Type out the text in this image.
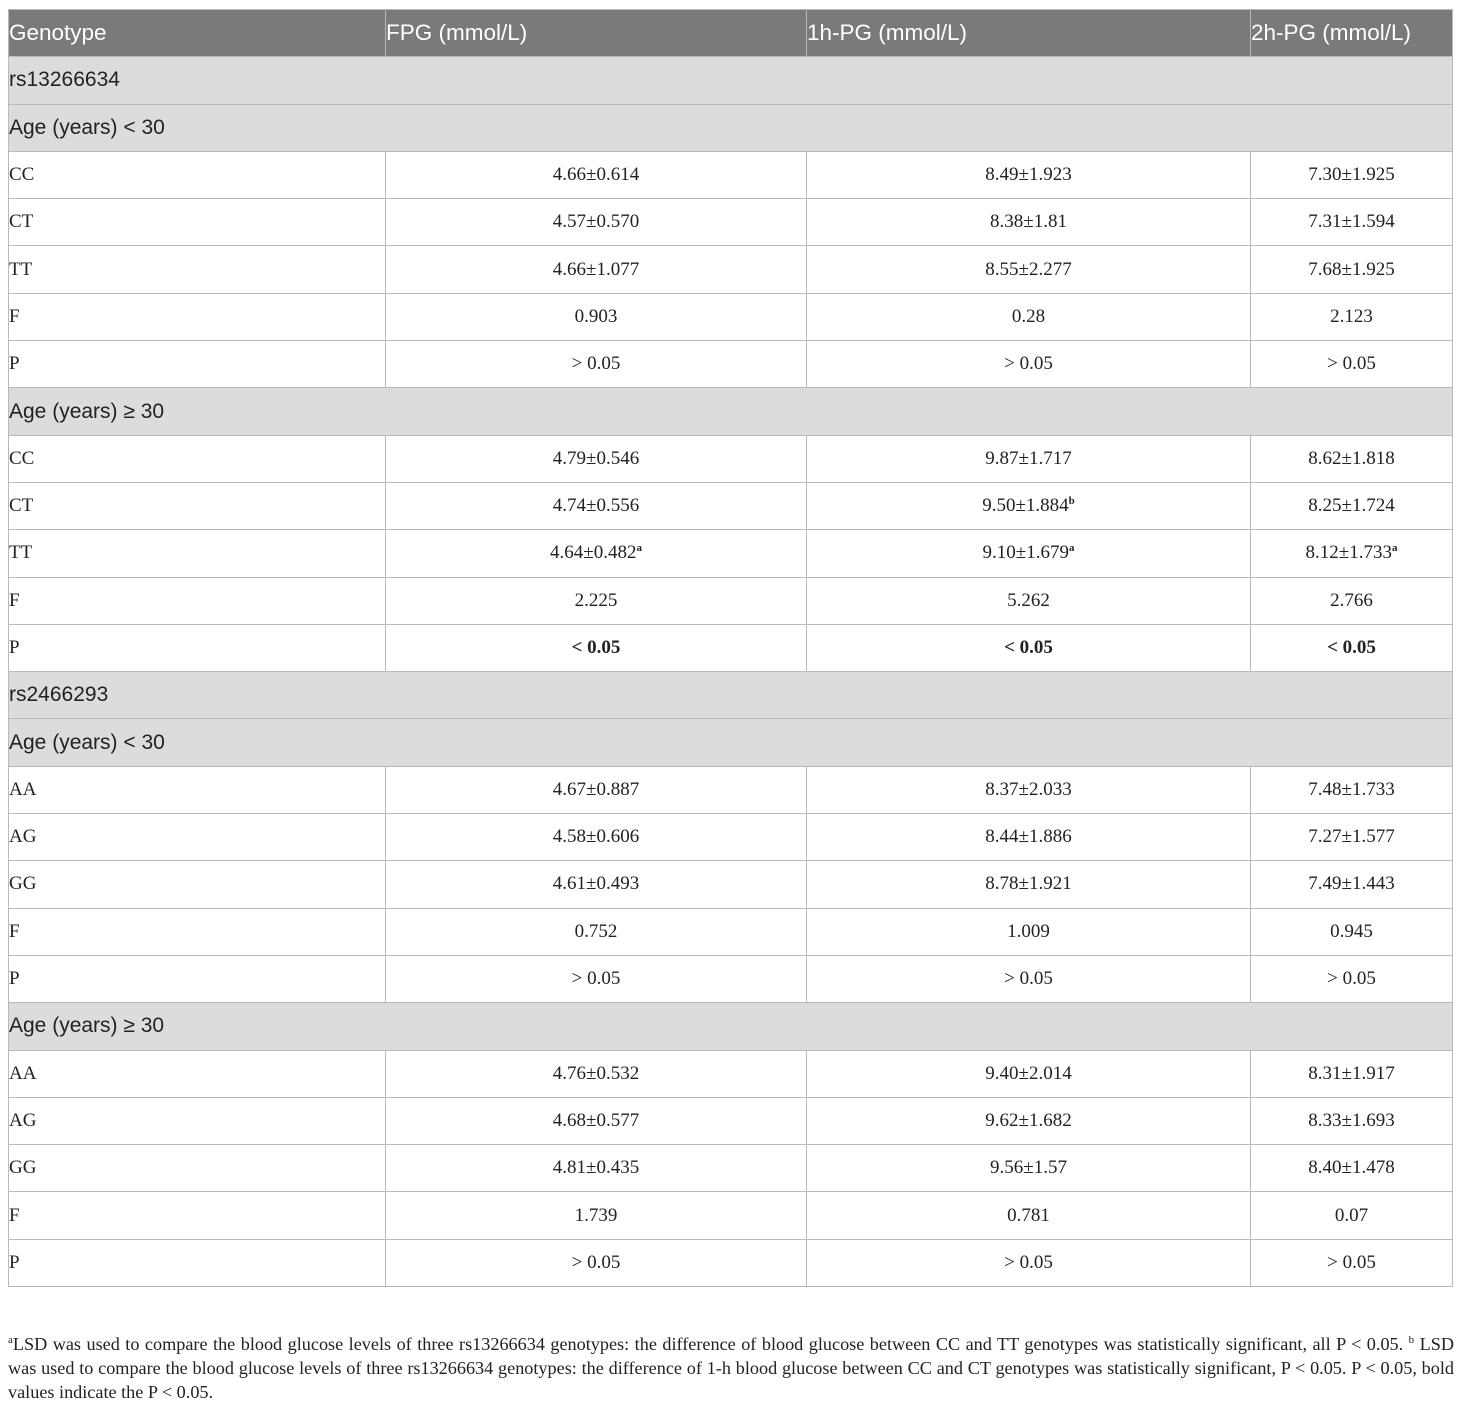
Genotype	FPG (mmol/L)	1h-PG (mmol/L)	2h-PG (mmol/L)
rs13266634			
Age (years) < 30			
CC	4.66±0.614	8.49±1.923	7.30±1.925
CT	4.57±0.570	8.38±1.81	7.31±1.594
TT	4.66±1.077	8.55±2.277	7.68±1.925
F	0.903	0.28	2.123
P	> 0.05	> 0.05	> 0.05
Age (years) ≥ 30			
CC	4.79±0.546	9.87±1.717	8.62±1.818
CT	4.74±0.556	9.50±1.884$^b$	8.25±1.724
TT	4.64±0.482$^a$	9.10±1.679$^a$	8.12±1.733$^a$
F	2.225	5.262	2.766
P	< 0.05	< 0.05	< 0.05
rs2466293			
Age (years) < 30			
AA	4.67±0.887	8.37±2.033	7.48±1.733
AG	4.58±0.606	8.44±1.886	7.27±1.577
GG	4.61±0.493	8.78±1.921	7.49±1.443
F	0.752	1.009	0.945
P	> 0.05	> 0.05	> 0.05
Age (years) ≥ 30			
AA	4.76±0.532	9.40±2.014	8.31±1.917
AG	4.68±0.577	9.62±1.682	8.33±1.693
GG	4.81±0.435	9.56±1.57	8.40±1.478
F	1.739	0.781	0.07
P	> 0.05	> 0.05	> 0.05
$^a$LSD was used to compare the blood glucose levels of three rs13266634 genotypes: the difference of blood glucose between CC and TT genotypes was statistically significant, all P < 0.05. $^b$ LSD was used to compare the blood glucose levels of three rs13266634 genotypes: the difference of 1-h blood glucose between CC and CT genotypes was statistically significant, P < 0.05. P < 0.05, bold values indicate the P < 0.05.
